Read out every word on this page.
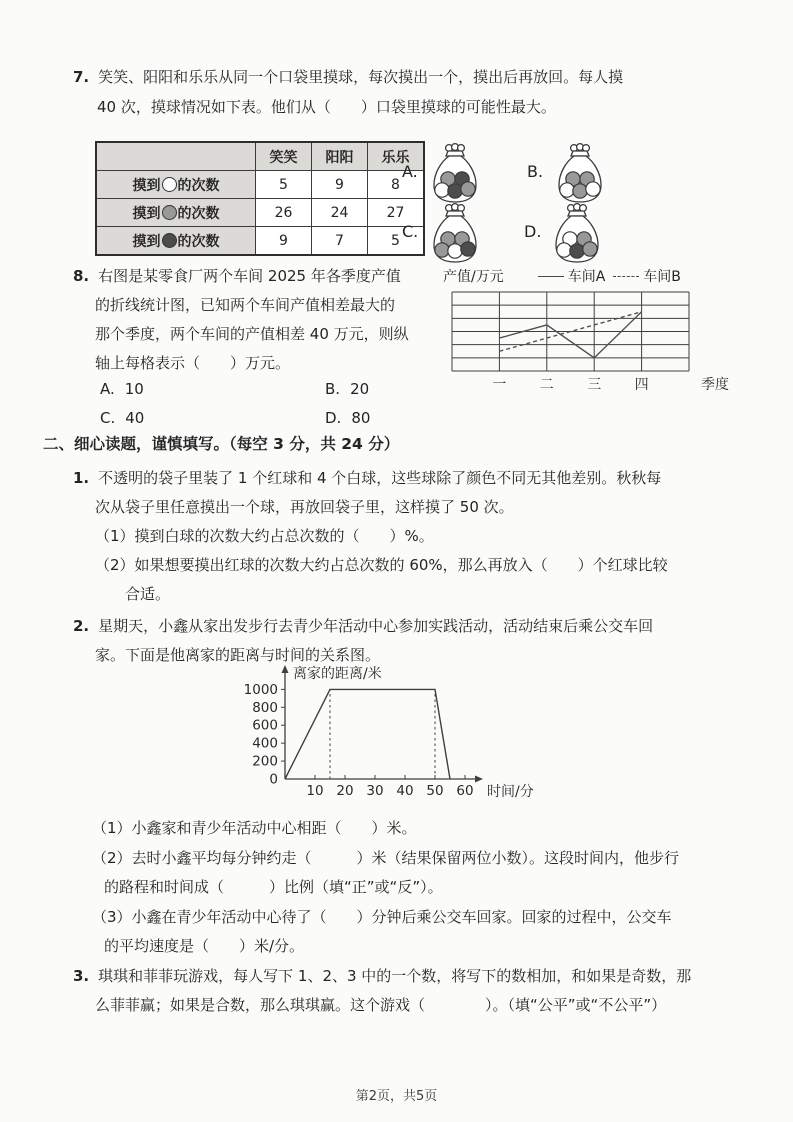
7. 笑笑、阳阳和乐乐从同一个口袋里摸球，每次摸出一个，摸出后再放回。每人摸
40 次，摸球情况如下表。他们从（　　）口袋里摸球的可能性最大。
	笑笑	阳阳	乐乐
摸到 的次数	5	9	8
摸到 的次数	26	24	27
摸到 的次数	9	7	5
A.	B.
C.	D.
8. 右图是某零食厂两个车间 2025 年各季度产值
的折线统计图，已知两个车间产值相差最大的
那个季度，两个车间的产值相差 40 万元，则纵
轴上每格表示（　　）万元。
A. 10	B. 20
C. 40	D. 80
产值/万元	车间A	车间B
一 二 三 四	季度
二、细心读题，谨慎填写。（每空 3 分，共 24 分）
1. 不透明的袋子里装了 1 个红球和 4 个白球，这些球除了颜色不同无其他差别。秋秋每
次从袋子里任意摸出一个球，再放回袋子里，这样摸了 50 次。
（1）摸到白球的次数大约占总次数的（　　）%。
（2）如果想要摸出红球的次数大约占总次数的 60%，那么再放入（　　）个红球比较
合适。
2. 星期天，小鑫从家出发步行去青少年活动中心参加实践活动，活动结束后乘公交车回
家。下面是他离家的距离与时间的关系图。
0
200
400
600
800
1000
10 20 30 40 50 60
离家的距离/米
时间/分
（1）小鑫家和青少年活动中心相距（　　）米。
（2）去时小鑫平均每分钟约走（　　　）米（结果保留两位小数）。这段时间内，他步行
的路程和时间成（　　　）比例（填“正”或“反”）。
（3）小鑫在青少年活动中心待了（　　）分钟后乘公交车回家。回家的过程中，公交车
的平均速度是（　　）米/分。
3. 琪琪和菲菲玩游戏，每人写下 1、2、3 中的一个数，将写下的数相加，和如果是奇数，那
么菲菲赢；如果是合数，那么琪琪赢。这个游戏（　　　　）。（填“公平”或“不公平”）
第2页，共5页
